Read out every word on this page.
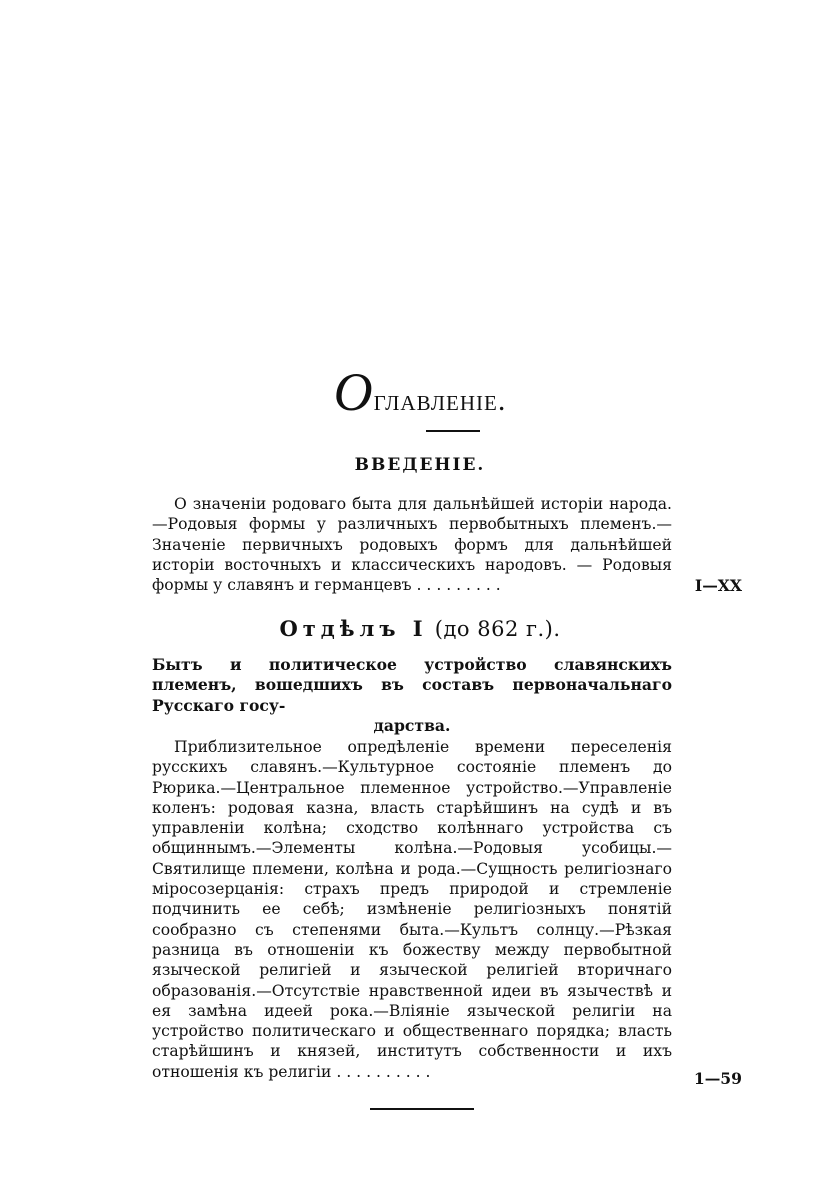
Оглавленіе.
ВВЕДЕНІЕ.
О значеніи родоваго быта для дальнѣйшей исторіи народа.—Родовыя формы у различныхъ первобытныхъ племенъ.—Значеніе первичныхъ родовыхъ формъ для дальнѣйшей исторіи восточныхъ и классическихъ народовъ. — Родовыя формы у славянъ и германцевъ . . . . . . . . .	I—XX
Отдѣлъ I (до 862 г.).
Бытъ и политическое устройство славянскихъ племенъ, вошедшихъ въ составъ первоначальнаго Русскаго госу-
дарства.
Приблизительное опредѣленіе времени переселенія русскихъ славянъ.—Культурное состояніе племенъ до Рюрика.—Центральное племенное устройство.—Управленіе коленъ: родовая казна, власть старѣйшинъ на судѣ и въ управленіи колѣна; сходство колѣннаго устройства съ общиннымъ.—Элементы колѣна.—Родовыя усобицы.—Святилище племени, колѣна и рода.—Сущность религіознаго міросозерцанія: страхъ предъ природой и стремленіе подчинить ее себѣ; измѣненіе религіозныхъ понятій сообразно съ степенями быта.—Культъ солнцу.—Рѣзкая разница въ отношеніи къ божеству между первобытной языческой религіей и языческой религіей вторичнаго образованія.—Отсутствіе нравственной идеи въ язычествѣ и ея замѣна идеей рока.—Вліяніе языческой религіи на устройство политическаго и общественнаго порядка; власть старѣйшинъ и князей, институтъ собственности и ихъ отношенія къ религіи . . . . . . . . . .	1—59
